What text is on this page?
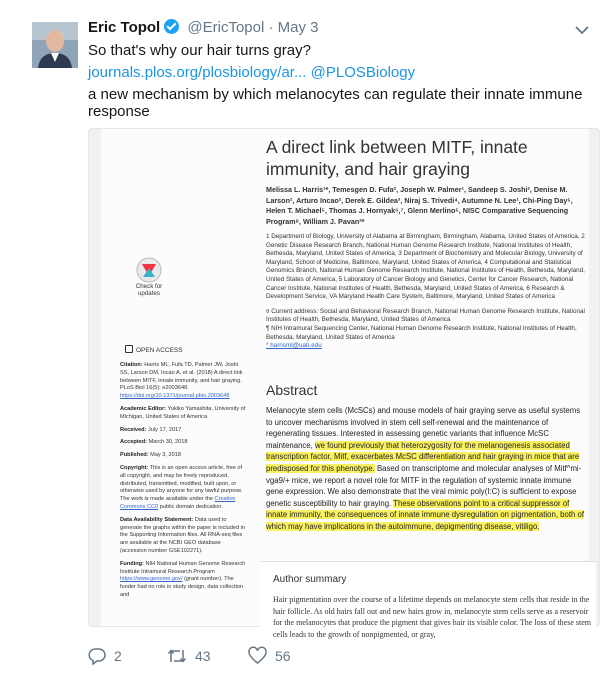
Eric Topol @EricTopol · May 3
So that's why our hair turns gray?
journals.plos.org/plosbiology/ar... @PLOSBiology
a new mechanism by which melanocytes can regulate their innate immune
response
A direct link between MITF, innate immunity, and hair graying
Melissa L. Harris¹*, Temesgen D. Fufa², Joseph W. Palmer¹, Sandeep S. Joshi², Denise M. Larson², Arturo Incao², Derek E. Gildea³, Niraj S. Trivedi⁴, Autumne N. Lee¹, Chi-Ping Day⁵, Helen T. Michael⁵, Thomas J. Hornyak⁶,⁷, Glenn Merlino⁵, NISC Comparative Sequencing Program⁸, William J. Pavan²*
1 Department of Biology, University of Alabama at Birmingham, Birmingham, Alabama, United States of America, 2 Genetic Disease Research Branch, National Human Genome Research Institute, National Institutes of Health, Bethesda, Maryland, United States of America, 3 Department of Biochemistry and Molecular Biology, University of Maryland, School of Medicine, Baltimore, Maryland, United States of America, 4 Computational and Statistical Genomics Branch, National Human Genome Research Institute, National Institutes of Health, Bethesda, Maryland, United States of America, 5 Laboratory of Cancer Biology and Genetics, Center for Cancer Research, National Cancer Institute, National Institutes of Health, Bethesda, Maryland, United States of America, 6 Research & Development Service, VA Maryland Health Care System, Baltimore, Maryland, United States of America
¤ Current address: Social and Behavioral Research Branch, National Human Genome Research Institute, National Institutes of Health, Bethesda, Maryland, United States of America
¶ NIH Intramural Sequencing Center, National Human Genome Research Institute, National Institutes of Health, Bethesda, Maryland, United States of America
* harrisml@uab.edu
Check for updates
OPEN ACCESS

Citation: Harris ML, Fufa TD, Palmer JW, Joshi SS, Larson DM, Incao A, et al. (2018) A direct link between MITF, innate immunity, and hair graying. PLoS Biol 16(5): e2003648. https://doi.org/10.1371/journal.pbio.2003648

Academic Editor: Yukiko Yamashita, University of Michigan, United States of America

Received: July 17, 2017

Accepted: March 30, 2018

Published: May 3, 2018

Copyright: This is an open access article, free of all copyright, and may be freely reproduced, distributed, transmitted, modified, built upon, or otherwise used by anyone for any lawful purpose. The work is made available under the Creative Commons CC0 public domain dedication.

Data Availability Statement: Data used to generate the graphs within the paper is included in the Supporting Information files. All RNA-seq files are available at the NCBI GEO database (accession number GSE102271).

Funding: NIH National Human Genome Research Institute Intramural Research Program https://www.genome.gov/ (grant number). The funder had no role in study design, data collection and

Abstract
Melanocyte stem cells (McSCs) and mouse models of hair graying serve as useful systems to uncover mechanisms involved in stem cell self-renewal and the maintenance of regenerating tissues. Interested in assessing genetic variants that influence McSC maintenance, we found previously that heterozygosity for the melanogenesis associated transcription factor, Mitf, exacerbates McSC differentiation and hair graying in mice that are predisposed for this phenotype. Based on transcriptome and molecular analyses of Mitf^mi-vga9/+ mice, we report a novel role for MITF in the regulation of systemic innate immune gene expression. We also demonstrate that the viral mimic poly(I:C) is sufficient to expose genetic susceptibility to hair graying. These observations point to a critical suppressor of innate immunity, the consequences of innate immune dysregulation on pigmentation, both of which may have implications in the autoimmune, depigmenting disease, vitiligo.
Author summary
Hair pigmentation over the course of a lifetime depends on melanocyte stem cells that reside in the hair follicle. As old hairs fall out and new hairs grow in, melanocyte stem cells serve as a reservoir for the melanocytes that produce the pigment that gives hair its visible color. The loss of these stem cells leads to the growth of nonpigmented, or gray,
2	43	56
